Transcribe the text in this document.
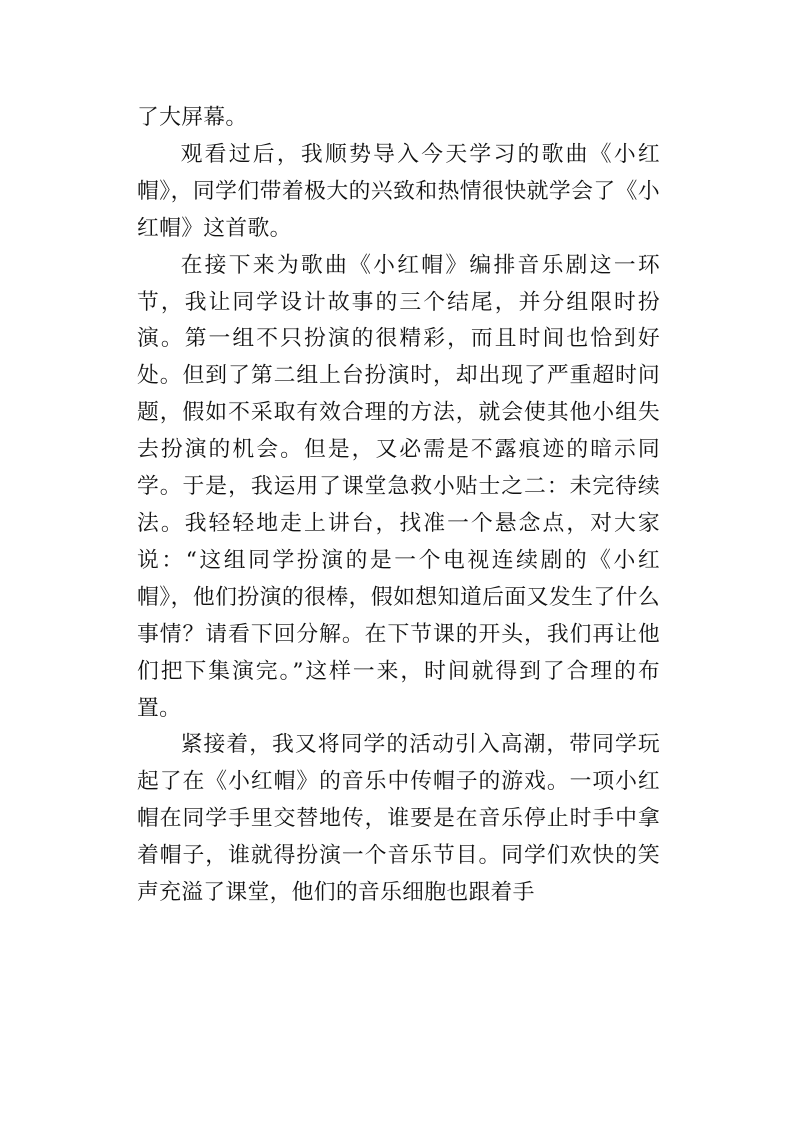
了大屏幕。

观看过后，我顺势导入今天学习的歌曲《小红帽》，同学们带着极大的兴致和热情很快就学会了《小红帽》这首歌。

在接下来为歌曲《小红帽》编排音乐剧这一环节，我让同学设计故事的三个结尾，并分组限时扮演。第一组不只扮演的很精彩，而且时间也恰到好处。但到了第二组上台扮演时，却出现了严重超时问题，假如不采取有效合理的方法，就会使其他小组失去扮演的机会。但是，又必需是不露痕迹的暗示同学。于是，我运用了课堂急救小贴士之二：未完待续法。我轻轻地走上讲台，找准一个悬念点，对大家说：“这组同学扮演的是一个电视连续剧的《小红帽》，他们扮演的很棒，假如想知道后面又发生了什么事情？请看下回分解。在下节课的开头，我们再让他们把下集演完。”这样一来，时间就得到了合理的布置。

紧接着，我又将同学的活动引入高潮，带同学玩起了在《小红帽》的音乐中传帽子的游戏。一项小红帽在同学手里交替地传，谁要是在音乐停止时手中拿着帽子，谁就得扮演一个音乐节目。同学们欢快的笑声充溢了课堂，他们的音乐细胞也跟着手
